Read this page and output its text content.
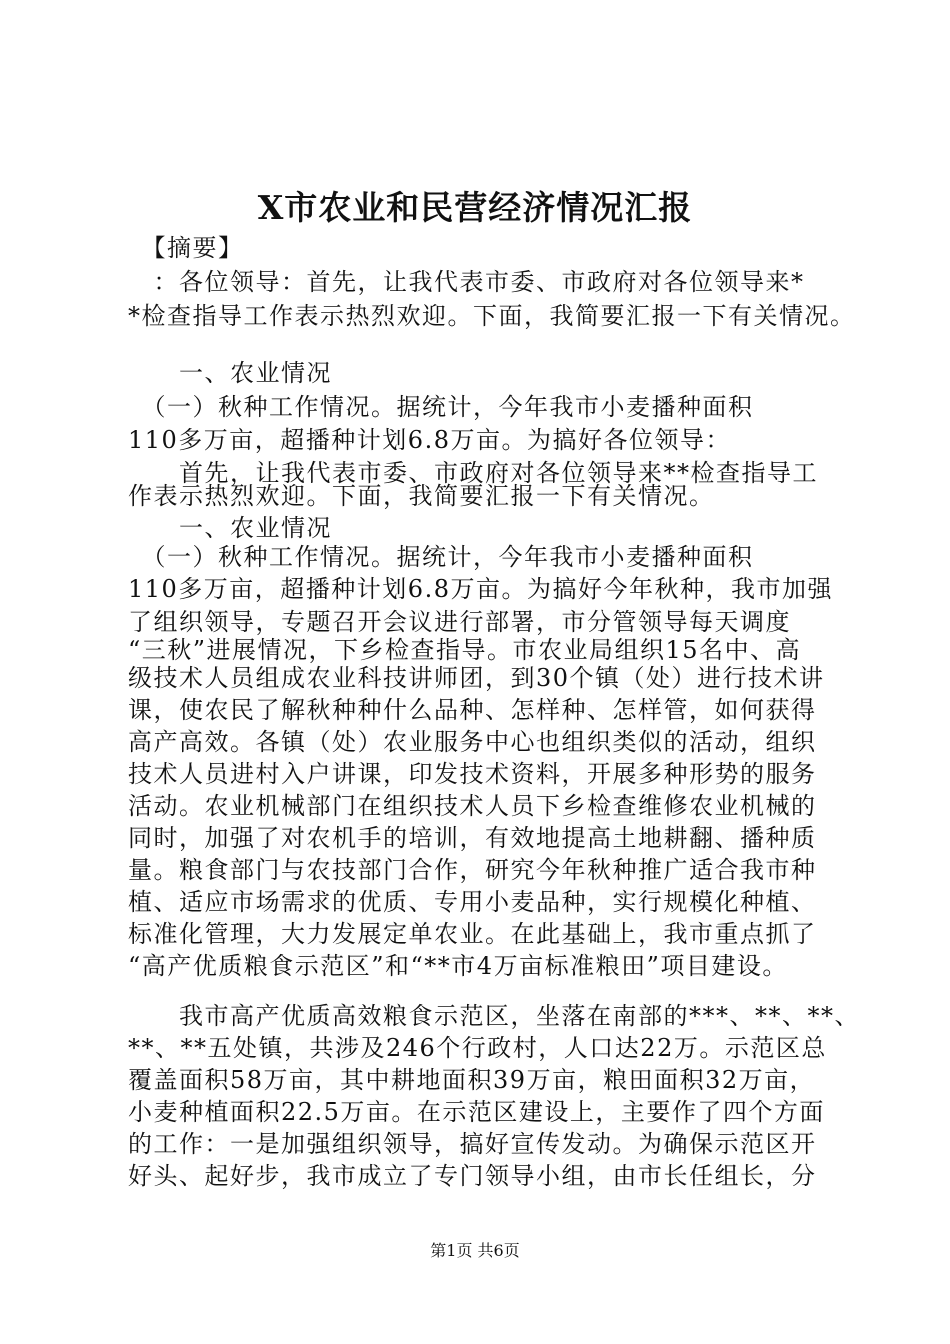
X市农业和民营经济情况汇报
　【摘要】
　：各位领导：首先，让我代表市委、市政府对各位领导来*
*检查指导工作表示热烈欢迎。下面，我简要汇报一下有关情况。
　　一、农业情况
　（一）秋种工作情况。据统计，今年我市小麦播种面积
110多万亩，超播种计划6.8万亩。为搞好各位领导：
　　首先，让我代表市委、市政府对各位领导来**检查指导工
作表示热烈欢迎。下面，我简要汇报一下有关情况。
　　一、农业情况
　（一）秋种工作情况。据统计，今年我市小麦播种面积
110多万亩，超播种计划6.8万亩。为搞好今年秋种，我市加强
了组织领导，专题召开会议进行部署，市分管领导每天调度
“三秋”进展情况，下乡检查指导。市农业局组织15名中、高
级技术人员组成农业科技讲师团，到30个镇（处）进行技术讲
课，使农民了解秋种种什么品种、怎样种、怎样管，如何获得
高产高效。各镇（处）农业服务中心也组织类似的活动，组织
技术人员进村入户讲课，印发技术资料，开展多种形势的服务
活动。农业机械部门在组织技术人员下乡检查维修农业机械的
同时，加强了对农机手的培训，有效地提高土地耕翻、播种质
量。粮食部门与农技部门合作，研究今年秋种推广适合我市种
植、适应市场需求的优质、专用小麦品种，实行规模化种植、
标准化管理，大力发展定单农业。在此基础上，我市重点抓了
“高产优质粮食示范区”和“**市4万亩标准粮田”项目建设。
　　我市高产优质高效粮食示范区，坐落在南部的***、**、**、
**、**五处镇，共涉及246个行政村，人口达22万。示范区总
覆盖面积58万亩，其中耕地面积39万亩，粮田面积32万亩，
小麦种植面积22.5万亩。在示范区建设上，主要作了四个方面
的工作：一是加强组织领导，搞好宣传发动。为确保示范区开
好头、起好步，我市成立了专门领导小组，由市长任组长，分
第1页 共6页
